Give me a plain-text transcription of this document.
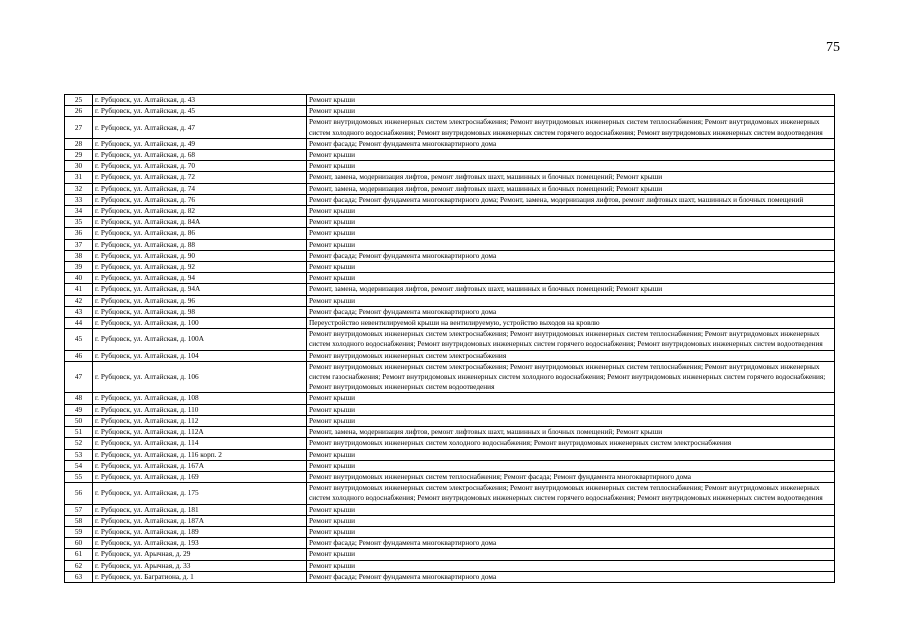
75
25	г. Рубцовск, ул. Алтайская, д. 43	Ремонт крыши
26	г. Рубцовск, ул. Алтайская, д. 45	Ремонт крыши
27	г. Рубцовск, ул. Алтайская, д. 47	Ремонт внутридомовых инженерных систем электроснабжения; Ремонт внутридомовых инженерных систем теплоснабжения; Ремонт внутридомовых инженерных систем холодного водоснабжения; Ремонт внутридомовых инженерных систем горячего водоснабжения; Ремонт внутридомовых инженерных систем водоотведения
28	г. Рубцовск, ул. Алтайская, д. 49	Ремонт фасада; Ремонт фундамента многоквартирного дома
29	г. Рубцовск, ул. Алтайская, д. 68	Ремонт крыши
30	г. Рубцовск, ул. Алтайская, д. 70	Ремонт крыши
31	г. Рубцовск, ул. Алтайская, д. 72	Ремонт, замена, модернизация лифтов, ремонт лифтовых шахт, машинных и блочных помещений; Ремонт крыши
32	г. Рубцовск, ул. Алтайская, д. 74	Ремонт, замена, модернизация лифтов, ремонт лифтовых шахт, машинных и блочных помещений; Ремонт крыши
33	г. Рубцовск, ул. Алтайская, д. 76	Ремонт фасада; Ремонт фундамента многоквартирного дома; Ремонт, замена, модернизация лифтов, ремонт лифтовых шахт, машинных и блочных помещений
34	г. Рубцовск, ул. Алтайская, д. 82	Ремонт крыши
35	г. Рубцовск, ул. Алтайская, д. 84А	Ремонт крыши
36	г. Рубцовск, ул. Алтайская, д. 86	Ремонт крыши
37	г. Рубцовск, ул. Алтайская, д. 88	Ремонт крыши
38	г. Рубцовск, ул. Алтайская, д. 90	Ремонт фасада; Ремонт фундамента многоквартирного дома
39	г. Рубцовск, ул. Алтайская, д. 92	Ремонт крыши
40	г. Рубцовск, ул. Алтайская, д. 94	Ремонт крыши
41	г. Рубцовск, ул. Алтайская, д. 94А	Ремонт, замена, модернизация лифтов, ремонт лифтовых шахт, машинных и блочных помещений; Ремонт крыши
42	г. Рубцовск, ул. Алтайская, д. 96	Ремонт крыши
43	г. Рубцовск, ул. Алтайская, д. 98	Ремонт фасада; Ремонт фундамента многоквартирного дома
44	г. Рубцовск, ул. Алтайская, д. 100	Переустройство невентилируемой крыши на вентилируемую, устройство выходов на кровлю
45	г. Рубцовск, ул. Алтайская, д. 100А	Ремонт внутридомовых инженерных систем электроснабжения; Ремонт внутридомовых инженерных систем теплоснабжения; Ремонт внутридомовых инженерных систем холодного водоснабжения; Ремонт внутридомовых инженерных систем горячего водоснабжения; Ремонт внутридомовых инженерных систем водоотведения
46	г. Рубцовск, ул. Алтайская, д. 104	Ремонт внутридомовых инженерных систем электроснабжения
47	г. Рубцовск, ул. Алтайская, д. 106	Ремонт внутридомовых инженерных систем электроснабжения; Ремонт внутридомовых инженерных систем теплоснабжения; Ремонт внутридомовых инженерных систем газоснабжения; Ремонт внутридомовых инженерных систем холодного водоснабжения; Ремонт внутридомовых инженерных систем горячего водоснабжения; Ремонт внутридомовых инженерных систем водоотведения
48	г. Рубцовск, ул. Алтайская, д. 108	Ремонт крыши
49	г. Рубцовск, ул. Алтайская, д. 110	Ремонт крыши
50	г. Рубцовск, ул. Алтайская, д. 112	Ремонт крыши
51	г. Рубцовск, ул. Алтайская, д. 112А	Ремонт, замена, модернизация лифтов, ремонт лифтовых шахт, машинных и блочных помещений; Ремонт крыши
52	г. Рубцовск, ул. Алтайская, д. 114	Ремонт внутридомовых инженерных систем холодного водоснабжения; Ремонт внутридомовых инженерных систем электроснабжения
53	г. Рубцовск, ул. Алтайская, д. 116 корп. 2	Ремонт крыши
54	г. Рубцовск, ул. Алтайская, д. 167А	Ремонт крыши
55	г. Рубцовск, ул. Алтайская, д. 169	Ремонт внутридомовых инженерных систем теплоснабжения; Ремонт фасада; Ремонт фундамента многоквартирного дома
56	г. Рубцовск, ул. Алтайская, д. 175	Ремонт внутридомовых инженерных систем электроснабжения; Ремонт внутридомовых инженерных систем теплоснабжения; Ремонт внутридомовых инженерных систем холодного водоснабжения; Ремонт внутридомовых инженерных систем горячего водоснабжения; Ремонт внутридомовых инженерных систем водоотведения
57	г. Рубцовск, ул. Алтайская, д. 181	Ремонт крыши
58	г. Рубцовск, ул. Алтайская, д. 187А	Ремонт крыши
59	г. Рубцовск, ул. Алтайская, д. 189	Ремонт крыши
60	г. Рубцовск, ул. Алтайская, д. 193	Ремонт фасада; Ремонт фундамента многоквартирного дома
61	г. Рубцовск, ул. Арычная, д. 29	Ремонт крыши
62	г. Рубцовск, ул. Арычная, д. 33	Ремонт крыши
63	г. Рубцовск, ул. Багратиона, д. 1	Ремонт фасада; Ремонт фундамента многоквартирного дома
